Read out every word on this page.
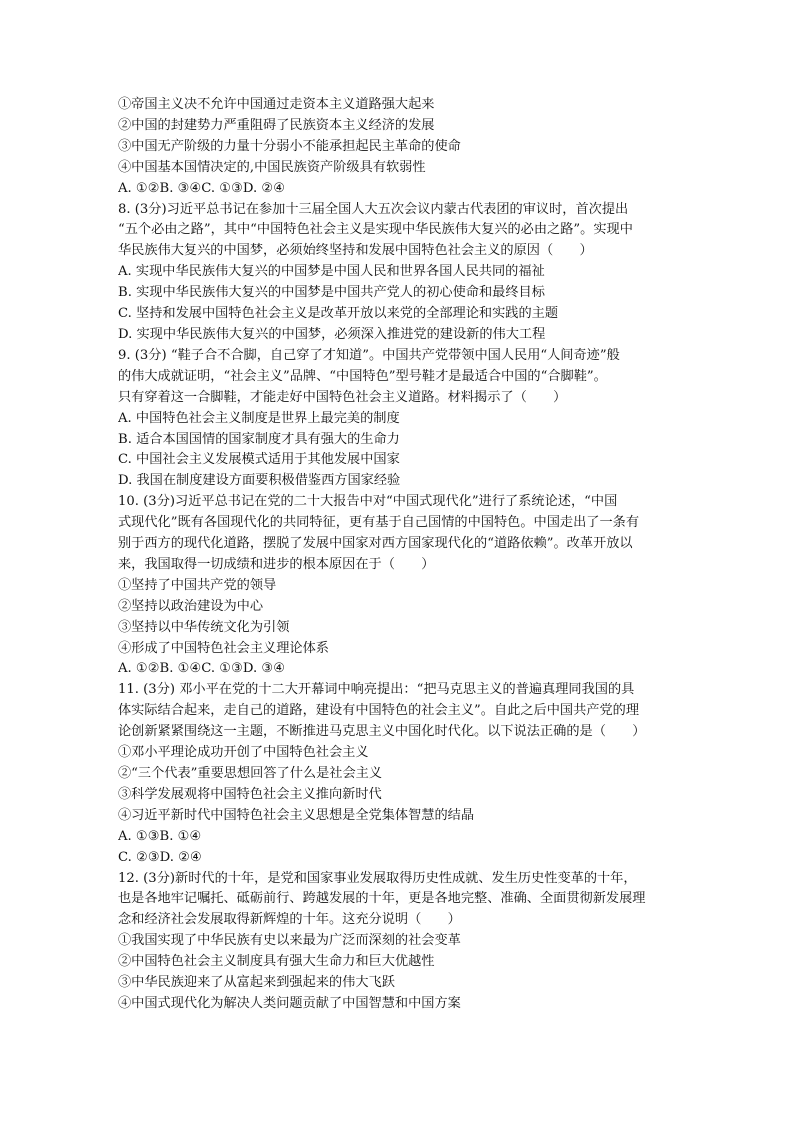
①帝国主义决不允许中国通过走资本主义道路强大起来
②中国的封建势力严重阻碍了民族资本主义经济的发展
③中国无产阶级的力量十分弱小不能承担起民主革命的使命
④中国基本国情决定的,中国民族资产阶级具有软弱性
A. ①②B. ③④C. ①③D. ②④
8. (3分)习近平总书记在参加十三届全国人大五次会议内蒙古代表团的审议时，首次提出
“五个必由之路”，其中“中国特色社会主义是实现中华民族伟大复兴的必由之路”。实现中
华民族伟大复兴的中国梦，必须始终坚持和发展中国特色社会主义的原因（　　）
A. 实现中华民族伟大复兴的中国梦是中国人民和世界各国人民共同的福祉
B. 实现中华民族伟大复兴的中国梦是中国共产党人的初心使命和最终目标
C. 坚持和发展中国特色社会主义是改革开放以来党的全部理论和实践的主题
D. 实现中华民族伟大复兴的中国梦，必须深入推进党的建设新的伟大工程
9. (3分) “鞋子合不合脚，自己穿了才知道”。中国共产党带领中国人民用“人间奇迹”般
的伟大成就证明，“社会主义”品牌、“中国特色”型号鞋才是最适合中国的“合脚鞋”。
只有穿着这一合脚鞋，才能走好中国特色社会主义道路。材料揭示了（　　）
A. 中国特色社会主义制度是世界上最完美的制度
B. 适合本国国情的国家制度才具有强大的生命力
C. 中国社会主义发展模式适用于其他发展中国家
D. 我国在制度建设方面要积极借鉴西方国家经验
10. (3分)习近平总书记在党的二十大报告中对“中国式现代化”进行了系统论述，“中国
式现代化”既有各国现代化的共同特征，更有基于自己国情的中国特色。中国走出了一条有
别于西方的现代化道路，摆脱了发展中国家对西方国家现代化的“道路依赖”。改革开放以
来，我国取得一切成绩和进步的根本原因在于（　　）
①坚持了中国共产党的领导
②坚持以政治建设为中心
③坚持以中华传统文化为引领
④形成了中国特色社会主义理论体系
A. ①②B. ①④C. ①③D. ③④
11. (3分) 邓小平在党的十二大开幕词中响亮提出：“把马克思主义的普遍真理同我国的具
体实际结合起来，走自己的道路，建设有中国特色的社会主义”。自此之后中国共产党的理
论创新紧紧围绕这一主题，不断推进马克思主义中国化时代化。以下说法正确的是（　　）
①邓小平理论成功开创了中国特色社会主义
②“三个代表”重要思想回答了什么是社会主义
③科学发展观将中国特色社会主义推向新时代
④习近平新时代中国特色社会主义思想是全党集体智慧的结晶
A. ①③B. ①④
C. ②③D. ②④
12. (3分)新时代的十年，是党和国家事业发展取得历史性成就、发生历史性变革的十年，
也是各地牢记嘱托、砥砺前行、跨越发展的十年，更是各地完整、准确、全面贯彻新发展理
念和经济社会发展取得新辉煌的十年。这充分说明（　　）
①我国实现了中华民族有史以来最为广泛而深刻的社会变革
②中国特色社会主义制度具有强大生命力和巨大优越性
③中华民族迎来了从富起来到强起来的伟大飞跃
④中国式现代化为解决人类问题贡献了中国智慧和中国方案
